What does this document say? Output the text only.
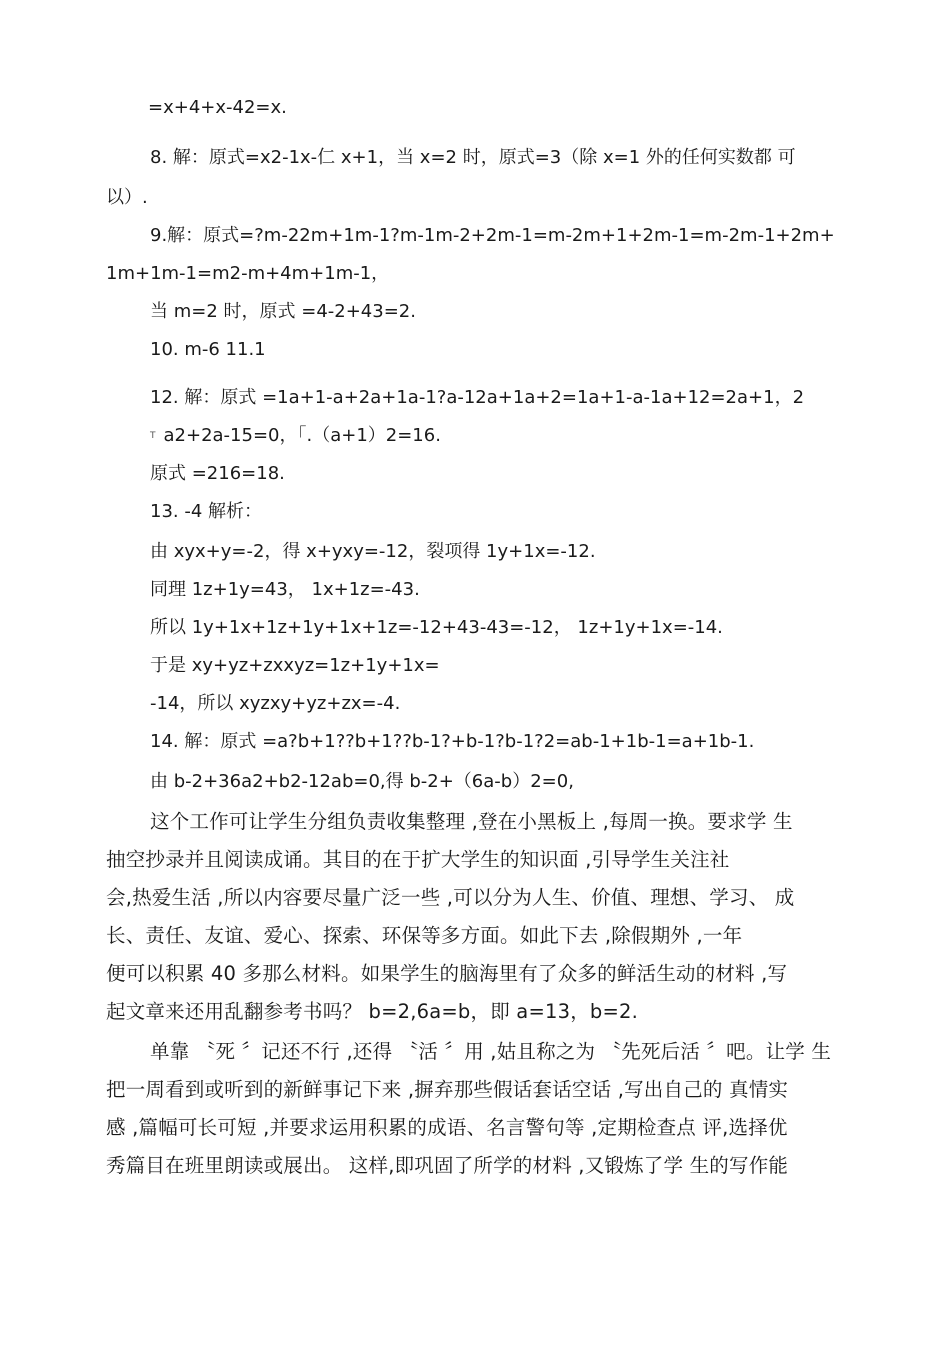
=x+4+x-42=x.
8. 解：原式=x2-1x-仁 x+1，当 x=2 时，原式=3（除 x=1 外的任何实数都 可
以）.
9.解：原式=?m-22m+1m-1?m-1m-2+2m-1=m-2m+1+2m-1=m-2m-1+2m+
1m+1m-1=m2-m+4m+1m-1，
当 m=2 时，原式 =4-2+43=2.
10. m-6 11.1
12. 解：原式 =1a+1-a+2a+1a-1?a-12a+1a+2=1a+1-a-1a+12=2a+1，2
T a2+2a-15=0，「.（a+1）2=16.
原式 =216=18.
13. -4 解析：
由 xyx+y=-2，得 x+yxy=-12，裂项得 1y+1x=-12.
同理 1z+1y=43， 1x+1z=-43.
所以 1y+1x+1z+1y+1x+1z=-12+43-43=-12， 1z+1y+1x=-14.
于是 xy+yz+zxxyz=1z+1y+1x=
-14，所以 xyzxy+yz+zx=-4.
14. 解：原式 =a?b+1??b+1??b-1?+b-1?b-1?2=ab-1+1b-1=a+1b-1.
由 b-2+36a2+b2-12ab=0,得 b-2+（6a-b）2=0,
这个工作可让学生分组负责收集整理 ,登在小黑板上 ,每周一换。要求学 生
抽空抄录并且阅读成诵。其目的在于扩大学生的知识面 ,引导学生关注社
会,热爱生活 ,所以内容要尽量广泛一些 ,可以分为人生、价值、理想、学习、 成
长、责任、友谊、爱心、探索、环保等多方面。如此下去 ,除假期外 ,一年
便可以积累 40 多那么材料。如果学生的脑海里有了众多的鲜活生动的材料 ,写
起文章来还用乱翻参考书吗？ b=2,6a=b，即 a=13，b=2.
单靠 〝死 〞记还不行 ,还得 〝活 〞用 ,姑且称之为 〝先死后活 〞吧。让学 生
把一周看到或听到的新鲜事记下来 ,摒弃那些假话套话空话 ,写出自己的 真情实
感 ,篇幅可长可短 ,并要求运用积累的成语、名言警句等 ,定期检查点 评,选择优
秀篇目在班里朗读或展出。 这样,即巩固了所学的材料 ,又锻炼了学 生的写作能
